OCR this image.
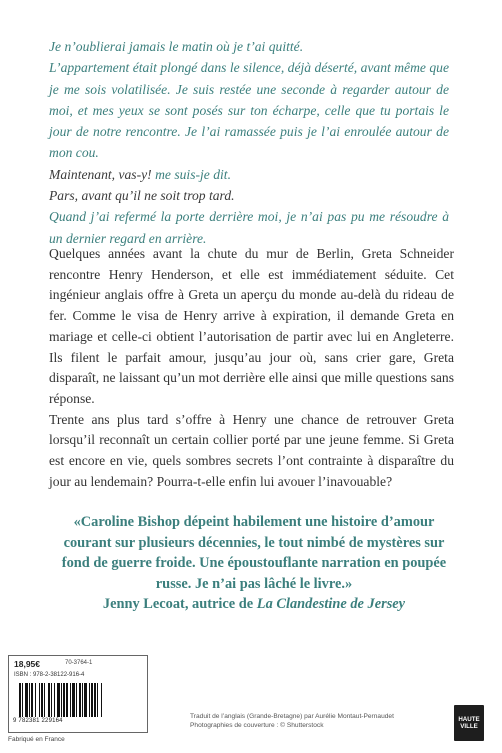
Je n’oublierai jamais le matin où je t’ai quitté.

L’appartement était plongé dans le silence, déjà déserté, avant même que je me sois volatilisée. Je suis restée une seconde à regarder autour de moi, et mes yeux se sont posés sur ton écharpe, celle que tu portais le jour de notre rencontre. Je l’ai ramassée puis je l’ai enroulée autour de mon cou.

Maintenant, vas-y! me suis-je dit.

Pars, avant qu’il ne soit trop tard.

Quand j’ai refermé la porte derrière moi, je n’ai pas pu me résoudre à un dernier regard en arrière.

Quelques années avant la chute du mur de Berlin, Greta Schneider rencontre Henry Henderson, et elle est immédiatement séduite. Cet ingénieur anglais offre à Greta un aperçu du monde au-delà du rideau de fer. Comme le visa de Henry arrive à expiration, il demande Greta en mariage et celle-ci obtient l’autorisation de partir avec lui en Angleterre. Ils filent le parfait amour, jusqu’au jour où, sans crier gare, Greta disparaît, ne laissant qu’un mot derrière elle ainsi que mille questions sans réponse.

Trente ans plus tard s’offre à Henry une chance de retrouver Greta lorsqu’il reconnaît un certain collier porté par une jeune femme. Si Greta est encore en vie, quels sombres secrets l’ont contrainte à disparaître du jour au lendemain? Pourra-t-elle enfin lui avouer l’inavouable?

«Caroline Bishop dépeint habilement une histoire d’amour courant sur plusieurs décennies, le tout nimbé de mystères sur fond de guerre froide. Une époustouflante narration en poupée russe. Je n’ai pas lâché le livre.»
Jenny Lecoat, autrice de La Clandestine de Jersey
18,95€	70-3764-1
ISBN : 978-2-38122-916-4
9 782381 229164
Fabriqué en France
Traduit de l’anglais (Grande-Bretagne) par Aurélie Montaut-Pernaudet
Photographies de couverture : © Shutterstock
HAUTE
VILLE
